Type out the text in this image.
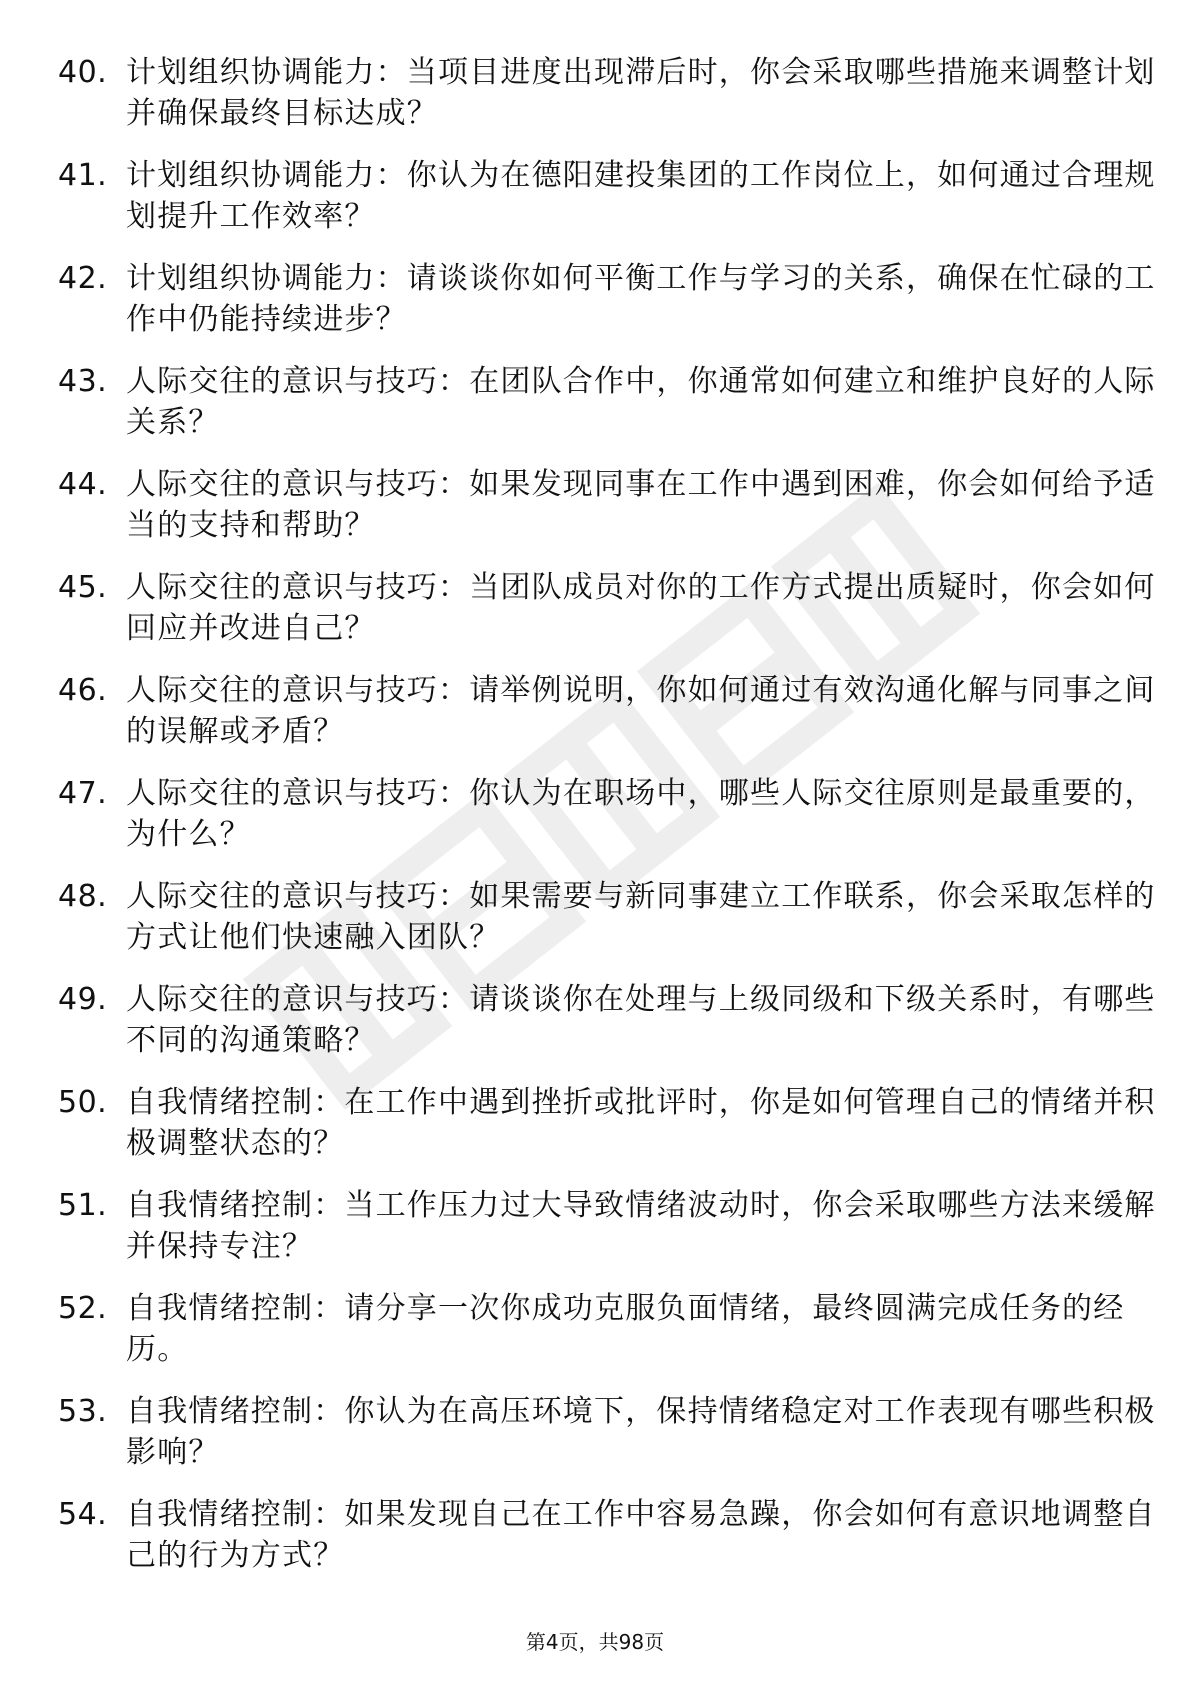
40. 计划组织协调能力：当项目进度出现滞后时，你会采取哪些措施来调整计划并确保最终目标达成？
41. 计划组织协调能力：你认为在德阳建投集团的工作岗位上，如何通过合理规划提升工作效率？
42. 计划组织协调能力：请谈谈你如何平衡工作与学习的关系，确保在忙碌的工作中仍能持续进步？
43. 人际交往的意识与技巧：在团队合作中，你通常如何建立和维护良好的人际关系？
44. 人际交往的意识与技巧：如果发现同事在工作中遇到困难，你会如何给予适当的支持和帮助？
45. 人际交往的意识与技巧：当团队成员对你的工作方式提出质疑时，你会如何回应并改进自己？
46. 人际交往的意识与技巧：请举例说明，你如何通过有效沟通化解与同事之间的误解或矛盾？
47. 人际交往的意识与技巧：你认为在职场中，哪些人际交往原则是最重要的，为什么？
48. 人际交往的意识与技巧：如果需要与新同事建立工作联系，你会采取怎样的方式让他们快速融入团队？
49. 人际交往的意识与技巧：请谈谈你在处理与上级同级和下级关系时，有哪些不同的沟通策略？
50. 自我情绪控制：在工作中遇到挫折或批评时，你是如何管理自己的情绪并积极调整状态的？
51. 自我情绪控制：当工作压力过大导致情绪波动时，你会采取哪些方法来缓解并保持专注？
52. 自我情绪控制：请分享一次你成功克服负面情绪，最终圆满完成任务的经历。
53. 自我情绪控制：你认为在高压环境下，保持情绪稳定对工作表现有哪些积极影响？
54. 自我情绪控制：如果发现自己在工作中容易急躁，你会如何有意识地调整自己的行为方式？
第4页，共98页
